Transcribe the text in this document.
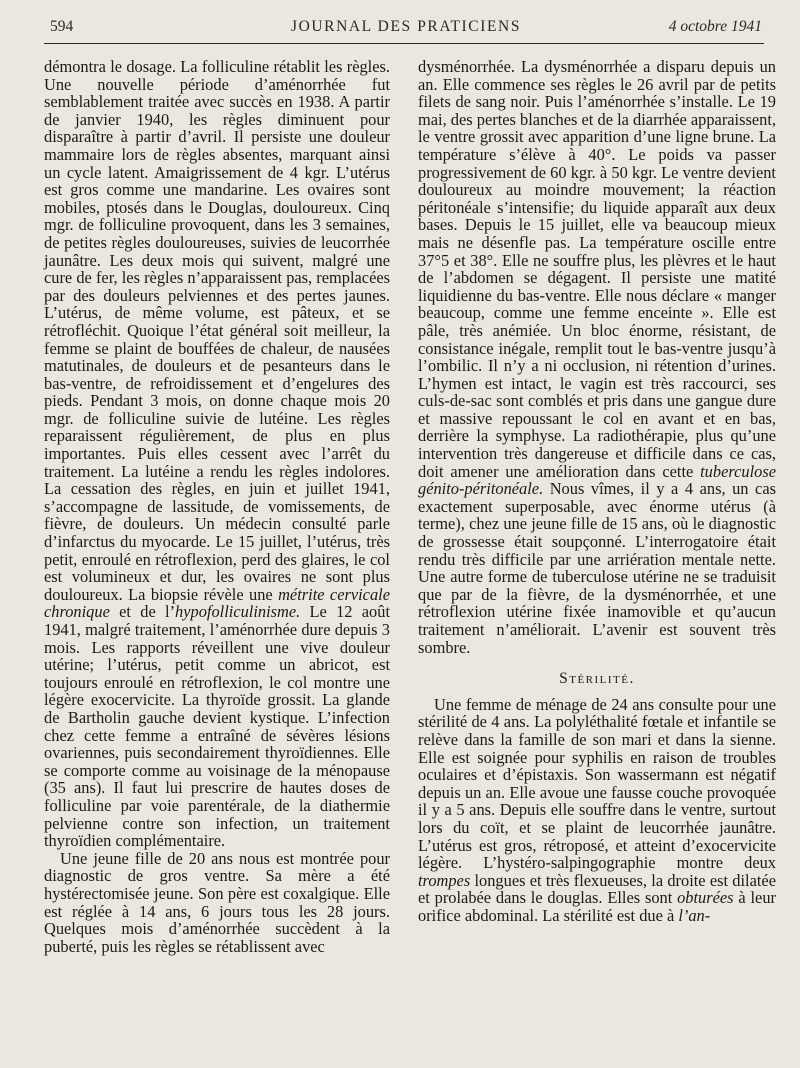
594	JOURNAL DES PRATICIENS	4 octobre 1941

démontra le dosage. La folliculine rétablit les règles. Une nouvelle période d’aménorrhée fut semblablement traitée avec succès en 1938. A partir de janvier 1940, les règles diminuent pour disparaître à partir d’avril. Il persiste une douleur mammaire lors de règles absentes, marquant ainsi un cycle latent. Amaigrissement de 4 kgr. L’utérus est gros comme une mandarine. Les ovaires sont mobiles, ptosés dans le Douglas, douloureux. Cinq mgr. de folliculine provoquent, dans les 3 semaines, de petites règles douloureuses, suivies de leucorrhée jaunâtre. Les deux mois qui suivent, malgré une cure de fer, les règles n’apparaissent pas, remplacées par des douleurs pelviennes et des pertes jaunes. L’utérus, de même volume, est pâteux, et se rétrofléchit. Quoique l’état général soit meilleur, la femme se plaint de bouffées de chaleur, de nausées matutinales, de douleurs et de pesanteurs dans le bas-ventre, de refroidissement et d’engelures des pieds. Pendant 3 mois, on donne chaque mois 20 mgr. de folliculine suivie de lutéine. Les règles reparaissent régulièrement, de plus en plus importantes. Puis elles cessent avec l’arrêt du traitement. La lutéine a rendu les règles indolores. La cessation des règles, en juin et juillet 1941, s’accompagne de lassitude, de vomissements, de fièvre, de douleurs. Un médecin consulté parle d’infarctus du myocarde. Le 15 juillet, l’utérus, très petit, enroulé en rétroflexion, perd des glaires, le col est volumineux et dur, les ovaires ne sont plus douloureux. La biopsie révèle une métrite cervicale chronique et de l’hypofolliculinisme. Le 12 août 1941, malgré traitement, l’aménorrhée dure depuis 3 mois. Les rapports réveillent une vive douleur utérine; l’utérus, petit comme un abricot, est toujours enroulé en rétroflexion, le col montre une légère exocervicite. La thyroïde grossit. La glande de Bartholin gauche devient kystique. L’infection chez cette femme a entraîné de sévères lésions ovariennes, puis secondairement thyroïdiennes. Elle se comporte comme au voisinage de la ménopause (35 ans). Il faut lui prescrire de hautes doses de folliculine par voie parentérale, de la diathermie pelvienne contre son infection, un traitement thyroïdien complémentaire.

Une jeune fille de 20 ans nous est montrée pour diagnostic de gros ventre. Sa mère a été hystérectomisée jeune. Son père est coxalgique. Elle est réglée à 14 ans, 6 jours tous les 28 jours. Quelques mois d’aménorrhée succèdent à la puberté, puis les règles se rétablissent avec

dysménorrhée. La dysménorrhée a disparu depuis un an. Elle commence ses règles le 26 avril par de petits filets de sang noir. Puis l’aménorrhée s’installe. Le 19 mai, des pertes blanches et de la diarrhée apparaissent, le ventre grossit avec apparition d’une ligne brune. La température s’élève à 40°. Le poids va passer progressivement de 60 kgr. à 50 kgr. Le ventre devient douloureux au moindre mouvement; la réaction péritonéale s’intensifie; du liquide apparaît aux deux bases. Depuis le 15 juillet, elle va beaucoup mieux mais ne désenfle pas. La température oscille entre 37°5 et 38°. Elle ne souffre plus, les plèvres et le haut de l’abdomen se dégagent. Il persiste une matité liquidienne du bas-ventre. Elle nous déclare « manger beaucoup, comme une femme enceinte ». Elle est pâle, très anémiée. Un bloc énorme, résistant, de consistance inégale, remplit tout le bas-ventre jusqu’à l’ombilic. Il n’y a ni occlusion, ni rétention d’urines. L’hymen est intact, le vagin est très raccourci, ses culs-de-sac sont comblés et pris dans une gangue dure et massive repoussant le col en avant et en bas, derrière la symphyse. La radiothérapie, plus qu’une intervention très dangereuse et difficile dans ce cas, doit amener une amélioration dans cette tuberculose génito-péritonéale. Nous vîmes, il y a 4 ans, un cas exactement superposable, avec énorme utérus (à terme), chez une jeune fille de 15 ans, où le diagnostic de grossesse était soupçonné. L’interrogatoire était rendu très difficile par une arriération mentale nette. Une autre forme de tuberculose utérine ne se traduisit que par de la fièvre, de la dysménorrhée, et une rétroflexion utérine fixée inamovible et qu’aucun traitement n’améliorait. L’avenir est souvent très sombre.

Stérilité.

Une femme de ménage de 24 ans consulte pour une stérilité de 4 ans. La polyléthalité fœtale et infantile se relève dans la famille de son mari et dans la sienne. Elle est soignée pour syphilis en raison de troubles oculaires et d’épistaxis. Son wassermann est négatif depuis un an. Elle avoue une fausse couche provoquée il y a 5 ans. Depuis elle souffre dans le ventre, surtout lors du coït, et se plaint de leucorrhée jaunâtre. L’utérus est gros, rétroposé, et atteint d’exocervicite légère. L’hystéro-salpingographie montre deux trompes longues et très flexueuses, la droite est dilatée et prolabée dans le douglas. Elles sont obturées à leur orifice abdominal. La stérilité est due à l’an-
